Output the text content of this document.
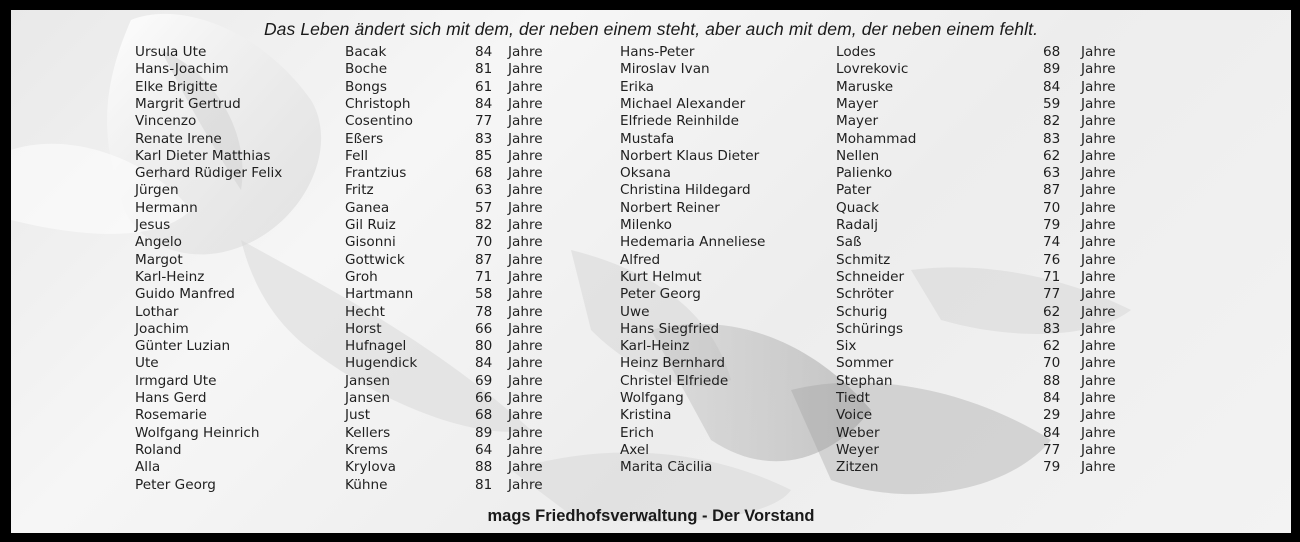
Das Leben ändert sich mit dem, der neben einem steht, aber auch mit dem, der neben einem fehlt.
Ursula Ute	Bacak	84 Jahre
Hans-Joachim	Boche	81 Jahre
Elke Brigitte	Bongs	61 Jahre
Margrit Gertrud	Christoph	84 Jahre
Vincenzo	Cosentino	77 Jahre
Renate Irene	Eßers	83 Jahre
Karl Dieter Matthias	Fell	85 Jahre
Gerhard Rüdiger Felix	Frantzius	68 Jahre
Jürgen	Fritz	63 Jahre
Hermann	Ganea	57 Jahre
Jesus	Gil Ruiz	82 Jahre
Angelo	Gisonni	70 Jahre
Margot	Gottwick	87 Jahre
Karl-Heinz	Groh	71 Jahre
Guido Manfred	Hartmann	58 Jahre
Lothar	Hecht	78 Jahre
Joachim	Horst	66 Jahre
Günter Luzian	Hufnagel	80 Jahre
Ute	Hugendick	84 Jahre
Irmgard Ute	Jansen	69 Jahre
Hans Gerd	Jansen	66 Jahre
Rosemarie	Just	68 Jahre
Wolfgang Heinrich	Kellers	89 Jahre
Roland	Krems	64 Jahre
Alla	Krylova	88 Jahre
Peter Georg	Kühne	81 Jahre
Hans-Peter	Lodes	68 Jahre
Miroslav Ivan	Lovrekovic	89 Jahre
Erika	Maruske	84 Jahre
Michael Alexander	Mayer	59 Jahre
Elfriede Reinhilde	Mayer	82 Jahre
Mustafa	Mohammad	83 Jahre
Norbert Klaus Dieter	Nellen	62 Jahre
Oksana	Palienko	63 Jahre
Christina Hildegard	Pater	87 Jahre
Norbert Reiner	Quack	70 Jahre
Milenko	Radalj	79 Jahre
Hedemaria Anneliese	Saß	74 Jahre
Alfred	Schmitz	76 Jahre
Kurt Helmut	Schneider	71 Jahre
Peter Georg	Schröter	77 Jahre
Uwe	Schurig	62 Jahre
Hans Siegfried	Schürings	83 Jahre
Karl-Heinz	Six	62 Jahre
Heinz Bernhard	Sommer	70 Jahre
Christel Elfriede	Stephan	88 Jahre
Wolfgang	Tiedt	84 Jahre
Kristina	Voice	29 Jahre
Erich	Weber	84 Jahre
Axel	Weyer	77 Jahre
Marita Cäcilia	Zitzen	79 Jahre
mags Friedhofsverwaltung - Der Vorstand
